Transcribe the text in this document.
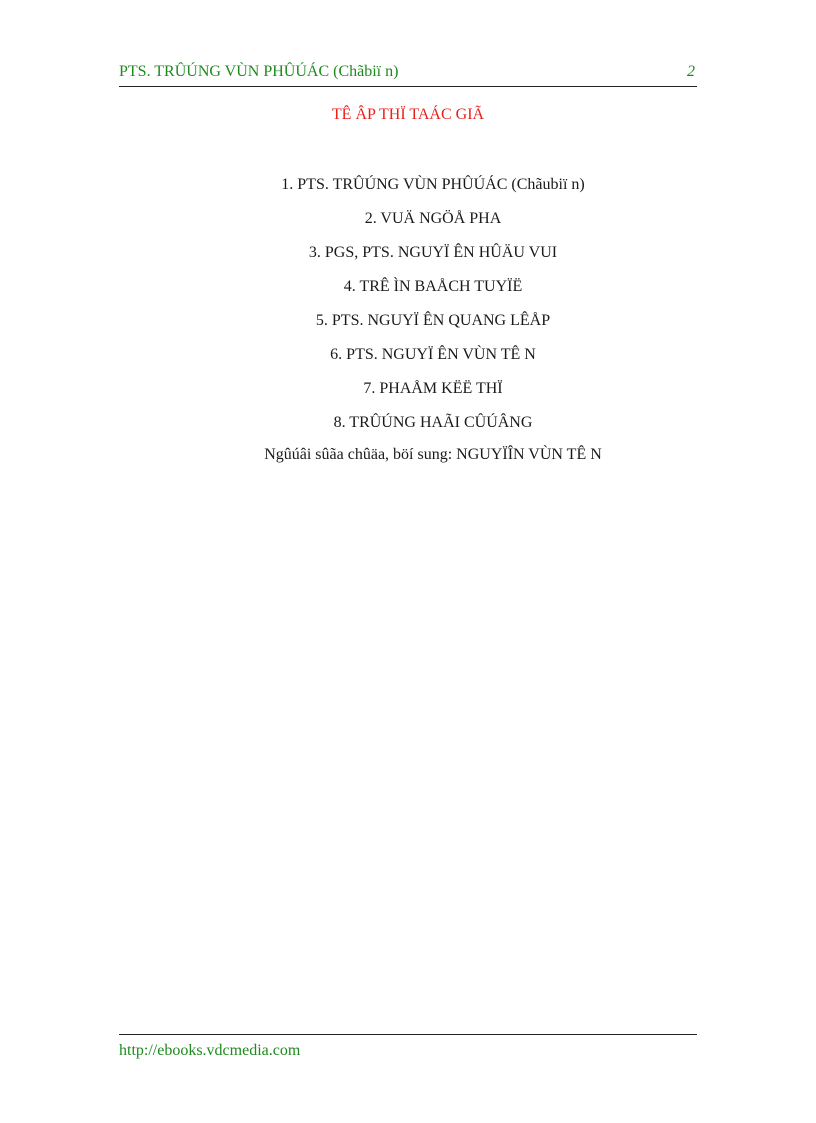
PTS. TRÛÚNG VÙN PHÛÚÁC (Chãbiï n)	2
TÊ ÂP THÏ TAÁC GIÃ
1. PTS. TRÛÚNG VÙN PHÛÚÁC (Chãubiï n)
2. VUÄ NGÖÅ PHA
3. PGS, PTS. NGUYÏ ÊN HÛÄU VUI
4. TRÊ ÌN BAÅCH TUYÏË
5. PTS. NGUYÏ ÊN QUANG LÊÅP
6. PTS. NGUYÏ ÊN VÙN TÊ N
7. PHAÅM KËË THÏ
8. TRÛÚNG HAÃI CÛÚÂNG
Ngûúâi sûãa chûäa, böí sung: NGUYÏÎN VÙN TÊ N
http://ebooks.vdcmedia.com
